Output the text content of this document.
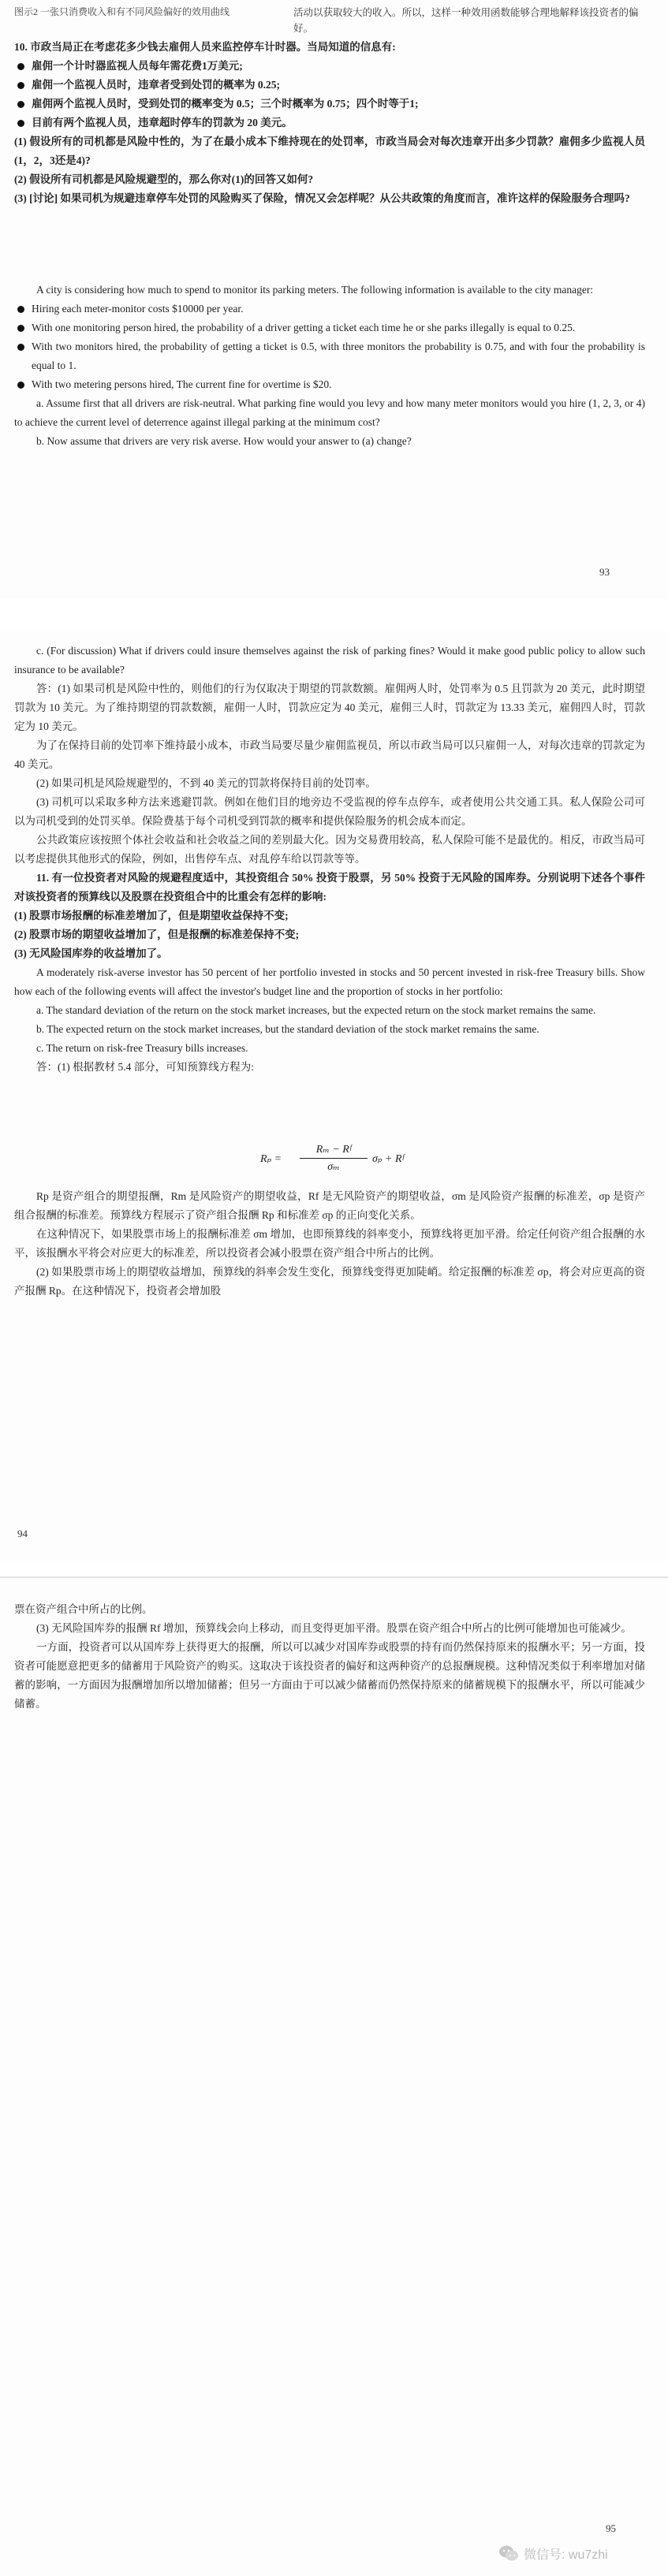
图示2 一张只消费收入和有不同风险偏好的效用曲线	活动以获取较大的收入。所以，这样一种效用函数能够合理地解释该投资者的偏好。

10. 市政当局正在考虑花多少钱去雇佣人员来监控停车计时器。当局知道的信息有:

雇佣一个计时器监视人员每年需花费1万美元;

雇佣一个监视人员时，违章者受到处罚的概率为 0.25;

雇佣两个监视人员时，受到处罚的概率变为 0.5；三个时概率为 0.75；四个时等于1;

目前有两个监视人员，违章超时停车的罚款为 20 美元。

(1) 假设所有的司机都是风险中性的，为了在最小成本下维持现在的处罚率，市政当局会对每次违章开出多少罚款？雇佣多少监视人员(1，2，3还是4)?

(2) 假设所有司机都是风险规避型的，那么你对(1)的回答又如何?

(3) [讨论] 如果司机为规避违章停车处罚的风险购买了保险，情况又会怎样呢？从公共政策的角度而言，准许这样的保险服务合理吗?

A city is considering how much to spend to monitor its parking meters. The following information is available to the city manager:

Hiring each meter-monitor costs $10000 per year.

With one monitoring person hired, the probability of a driver getting a ticket each time he or she parks illegally is equal to 0.25.

With two monitors hired, the probability of getting a ticket is 0.5, with three monitors the probability is 0.75, and with four the probability is equal to 1.

With two metering persons hired, The current fine for overtime is $20.

a. Assume first that all drivers are risk-neutral. What parking fine would you levy and how many meter monitors would you hire (1, 2, 3, or 4) to achieve the current level of deterrence against illegal parking at the minimum cost?

b. Now assume that drivers are very risk averse. How would your answer to (a) change?

93

c. (For discussion) What if drivers could insure themselves against the risk of parking fines? Would it make good public policy to allow such insurance to be available?

答：(1) 如果司机是风险中性的，则他们的行为仅取决于期望的罚款数额。雇佣两人时，处罚率为 0.5 且罚款为 20 美元，此时期望罚款为 10 美元。为了维持期望的罚款数额，雇佣一人时，罚款应定为 40 美元，雇佣三人时，罚款定为 13.33 美元，雇佣四人时，罚款定为 10 美元。

为了在保持目前的处罚率下维持最小成本，市政当局要尽量少雇佣监视员，所以市政当局可以只雇佣一人，对每次违章的罚款定为 40 美元。

(2) 如果司机是风险规避型的，不到 40 美元的罚款将保持目前的处罚率。

(3) 司机可以采取多种方法来逃避罚款。例如在他们目的地旁边不受监视的停车点停车，或者使用公共交通工具。私人保险公司可以为司机受到的处罚买单。保险费基于每个司机受到罚款的概率和提供保险服务的机会成本而定。

公共政策应该按照个体社会收益和社会收益之间的差别最大化。因为交易费用较高，私人保险可能不是最优的。相反，市政当局可以考虑提供其他形式的保险，例如，出售停车点、对乱停车给以罚款等等。

11. 有一位投资者对风险的规避程度适中，其投资组合 50% 投资于股票，另 50% 投资于无风险的国库券。分别说明下述各个事件对该投资者的预算线以及股票在投资组合中的比重会有怎样的影响:

(1) 股票市场报酬的标准差增加了，但是期望收益保持不变;

(2) 股票市场的期望收益增加了，但是报酬的标准差保持不变;

(3) 无风险国库券的收益增加了。

A moderately risk-averse investor has 50 percent of her portfolio invested in stocks and 50 percent invested in risk-free Treasury bills. Show how each of the following events will affect the investor's budget line and the proportion of stocks in her portfolio:

a. The standard deviation of the return on the stock market increases, but the expected return on the stock market remains the same.

b. The expected return on the stock market increases, but the standard deviation of the stock market remains the same.

c. The return on risk-free Treasury bills increases.

答：(1) 根据教材 5.4 部分，可知预算线方程为:

$R_p = \frac{\text{Rₘ − Rᶠ}}{\text{σₘ}}$ σₚ + Rᶠ

Rp 是资产组合的期望报酬，Rm 是风险资产的期望收益，Rf 是无风险资产的期望收益，σm 是风险资产报酬的标准差，σp 是资产组合报酬的标准差。预算线方程展示了资产组合报酬 Rp 和标准差 σp 的正向变化关系。

在这种情况下，如果股票市场上的报酬标准差 σm 增加，也即预算线的斜率变小，预算线将更加平滑。给定任何资产组合报酬的水平，该报酬水平将会对应更大的标准差，所以投资者会减小股票在资产组合中所占的比例。

(2) 如果股票市场上的期望收益增加，预算线的斜率会发生变化，预算线变得更加陡峭。给定报酬的标准差 σp，将会对应更高的资产报酬 Rp。在这种情况下，投资者会增加股

94

票在资产组合中所占的比例。

(3) 无风险国库券的报酬 Rf 增加，预算线会向上移动，而且变得更加平滑。股票在资产组合中所占的比例可能增加也可能减少。

一方面，投资者可以从国库券上获得更大的报酬，所以可以减少对国库券或股票的持有而仍然保持原来的报酬水平；另一方面，投资者可能愿意把更多的储蓄用于风险资产的购买。这取决于该投资者的偏好和这两种资产的总报酬规模。这种情况类似于利率增加对储蓄的影响，一方面因为报酬增加所以增加储蓄；但另一方面由于可以减少储蓄而仍然保持原来的储蓄规模下的报酬水平，所以可能减少储蓄。

95
微信号: wu7zhi
